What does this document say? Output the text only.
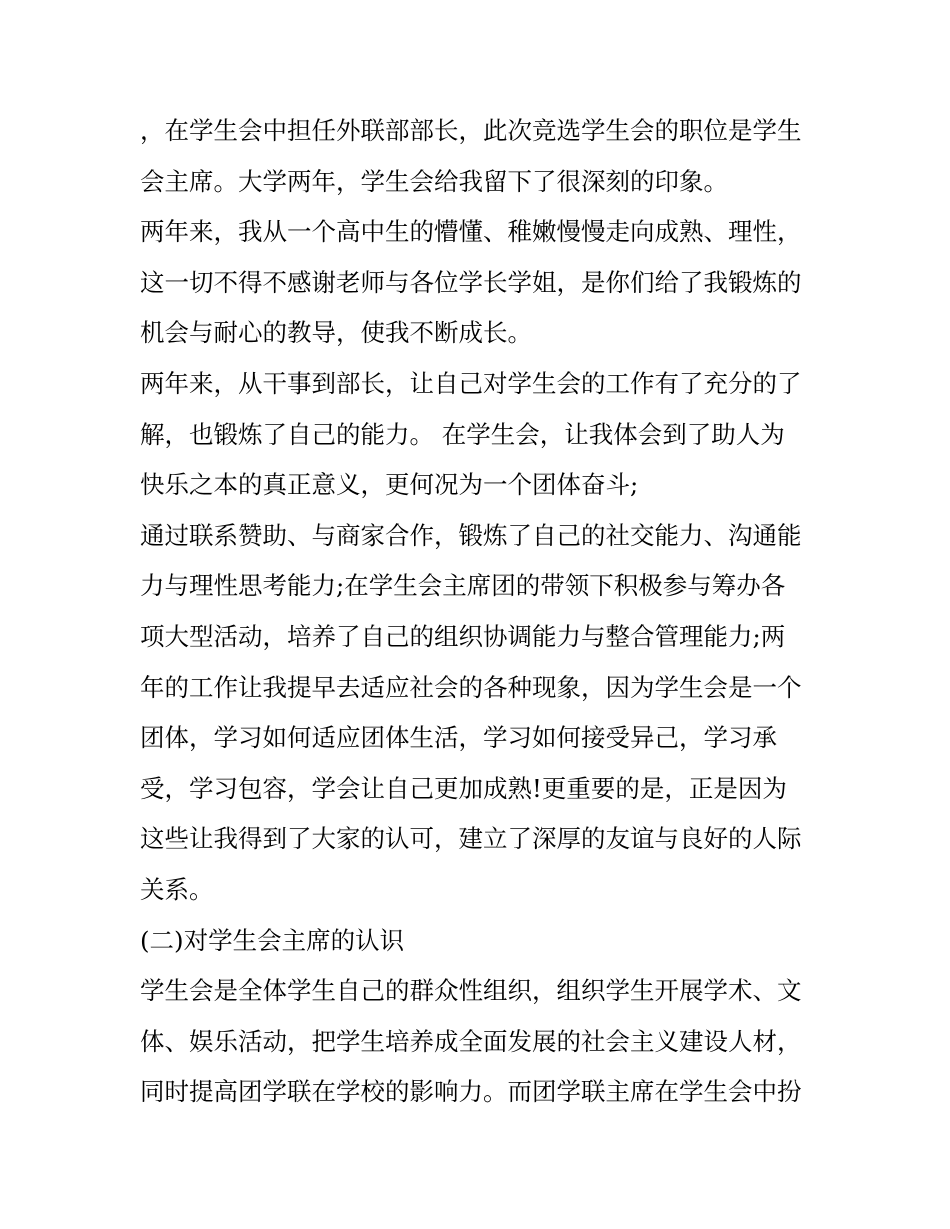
，在学生会中担任外联部部长，此次竞选学生会的职位是学生
会主席。大学两年，学生会给我留下了很深刻的印象。
两年来，我从一个高中生的懵懂、稚嫩慢慢走向成熟、理性，
这一切不得不感谢老师与各位学长学姐，是你们给了我锻炼的
机会与耐心的教导，使我不断成长。
两年来，从干事到部长，让自己对学生会的工作有了充分的了
解，也锻炼了自己的能力。 在学生会，让我体会到了助人为
快乐之本的真正意义，更何况为一个团体奋斗;
通过联系赞助、与商家合作，锻炼了自己的社交能力、沟通能
力与理性思考能力;在学生会主席团的带领下积极参与筹办各
项大型活动，培养了自己的组织协调能力与整合管理能力;两
年的工作让我提早去适应社会的各种现象，因为学生会是一个
团体，学习如何适应团体生活，学习如何接受异己，学习承
受，学习包容，学会让自己更加成熟!更重要的是，正是因为
这些让我得到了大家的认可，建立了深厚的友谊与良好的人际
关系。
(二)对学生会主席的认识
学生会是全体学生自己的群众性组织，组织学生开展学术、文
体、娱乐活动，把学生培养成全面发展的社会主义建设人材，
同时提高团学联在学校的影响力。而团学联主席在学生会中扮
